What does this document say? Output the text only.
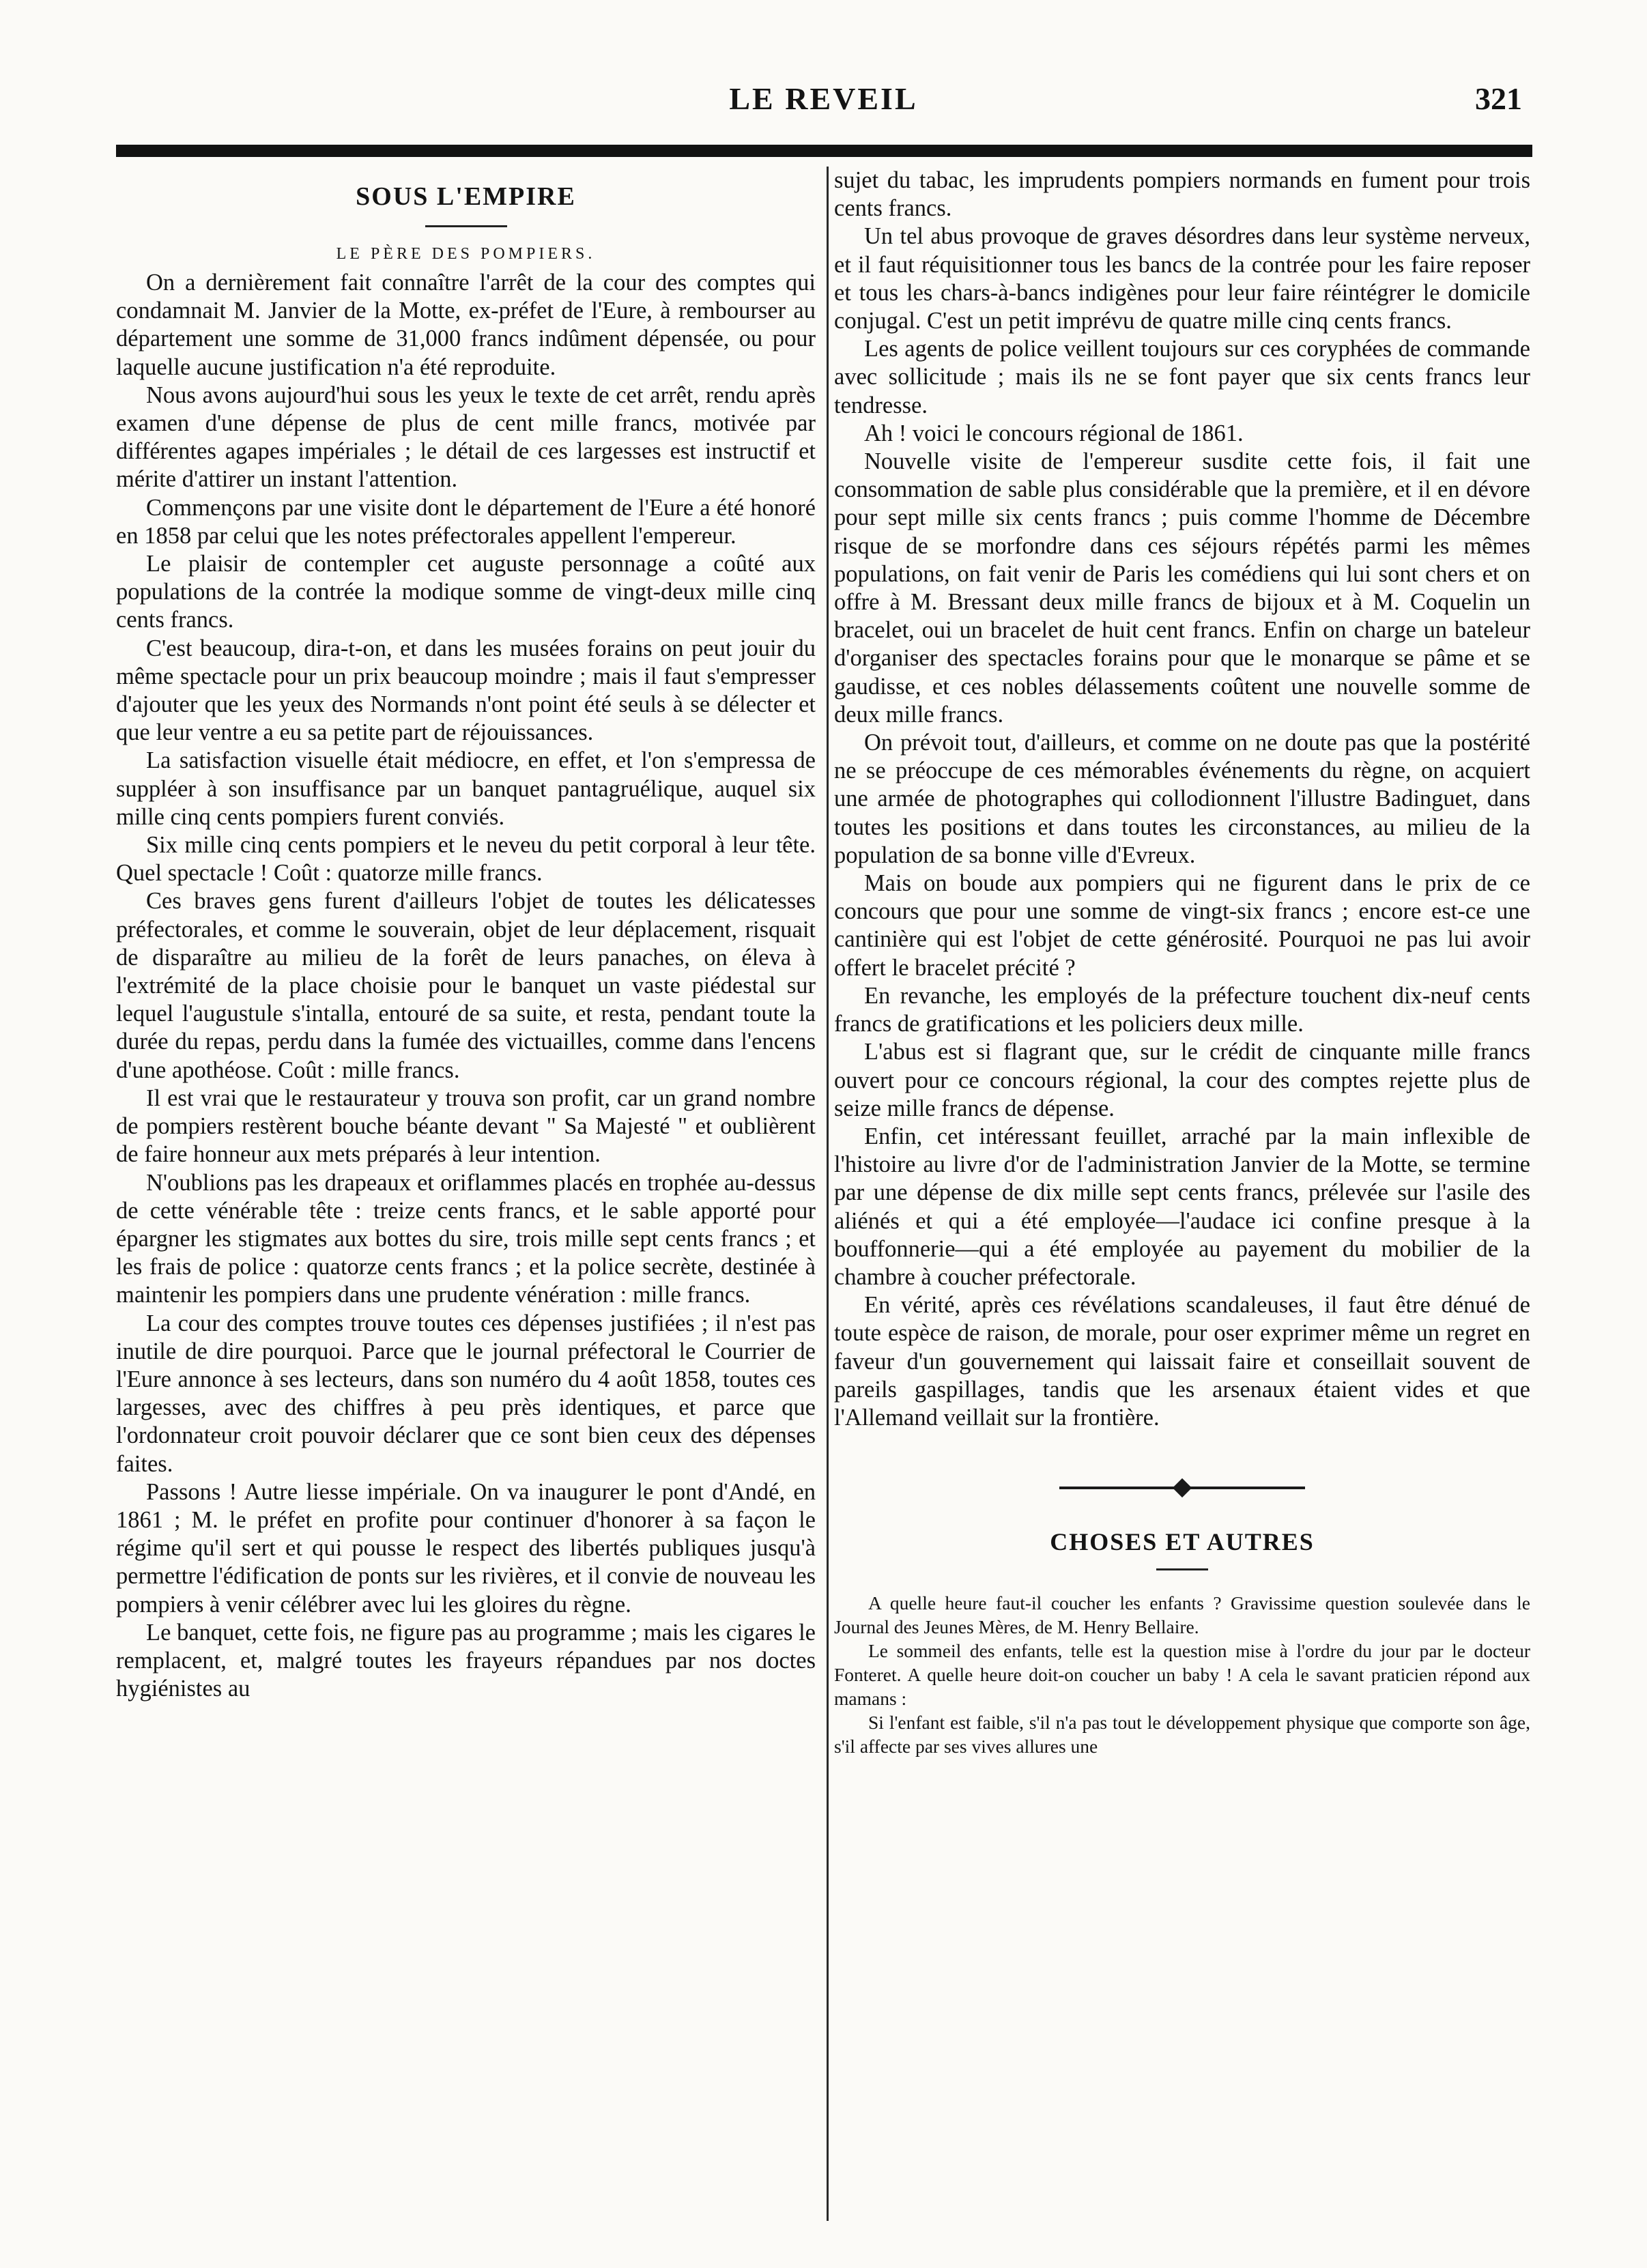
LE REVEIL	321
SOUS L'EMPIRE
LE PÈRE DES POMPIERS.

On a dernièrement fait connaître l'arrêt de la cour des comptes qui condamnait M. Janvier de la Motte, ex-préfet de l'Eure, à rembourser au département une somme de 31,000 francs indûment dépensée, ou pour laquelle aucune justification n'a été reproduite.

Nous avons aujourd'hui sous les yeux le texte de cet arrêt, rendu après examen d'une dépense de plus de cent mille francs, motivée par différentes agapes impériales ; le détail de ces largesses est instructif et mérite d'attirer un instant l'attention.

Commençons par une visite dont le département de l'Eure a été honoré en 1858 par celui que les notes préfectorales appellent l'empereur.

Le plaisir de contempler cet auguste personnage a coûté aux populations de la contrée la modique somme de vingt-deux mille cinq cents francs.

C'est beaucoup, dira-t-on, et dans les musées forains on peut jouir du même spectacle pour un prix beaucoup moindre ; mais il faut s'empresser d'ajouter que les yeux des Normands n'ont point été seuls à se délecter et que leur ventre a eu sa petite part de réjouissances.

La satisfaction visuelle était médiocre, en effet, et l'on s'empressa de suppléer à son insuffisance par un banquet pantagruélique, auquel six mille cinq cents pompiers furent conviés.

Six mille cinq cents pompiers et le neveu du petit corporal à leur tête. Quel spectacle ! Coût : quatorze mille francs.

Ces braves gens furent d'ailleurs l'objet de toutes les délicatesses préfectorales, et comme le souverain, objet de leur déplacement, risquait de disparaître au milieu de la forêt de leurs panaches, on éleva à l'extrémité de la place choisie pour le banquet un vaste piédestal sur lequel l'augustule s'intalla, entouré de sa suite, et resta, pendant toute la durée du repas, perdu dans la fumée des victuailles, comme dans l'encens d'une apothéose. Coût : mille francs.

Il est vrai que le restaurateur y trouva son profit, car un grand nombre de pompiers restèrent bouche béante devant " Sa Majesté " et oublièrent de faire honneur aux mets préparés à leur intention.

N'oublions pas les drapeaux et oriflammes placés en trophée au-dessus de cette vénérable tête : treize cents francs, et le sable apporté pour épargner les stigmates aux bottes du sire, trois mille sept cents francs ; et les frais de police : quatorze cents francs ; et la police secrète, destinée à maintenir les pompiers dans une prudente vénération : mille francs.

La cour des comptes trouve toutes ces dépenses justifiées ; il n'est pas inutile de dire pourquoi. Parce que le journal préfectoral le Courrier de l'Eure annonce à ses lecteurs, dans son numéro du 4 août 1858, toutes ces largesses, avec des chiffres à peu près identiques, et parce que l'ordonnateur croit pouvoir déclarer que ce sont bien ceux des dépenses faites.

Passons ! Autre liesse impériale. On va inaugurer le pont d'Andé, en 1861 ; M. le préfet en profite pour continuer d'honorer à sa façon le régime qu'il sert et qui pousse le respect des libertés publiques jusqu'à permettre l'édification de ponts sur les rivières, et il convie de nouveau les pompiers à venir célébrer avec lui les gloires du règne.

Le banquet, cette fois, ne figure pas au programme ; mais les cigares le remplacent, et, malgré toutes les frayeurs répandues par nos doctes hygiénistes au

sujet du tabac, les imprudents pompiers normands en fument pour trois cents francs.

Un tel abus provoque de graves désordres dans leur système nerveux, et il faut réquisitionner tous les bancs de la contrée pour les faire reposer et tous les chars-à-bancs indigènes pour leur faire réintégrer le domicile conjugal. C'est un petit imprévu de quatre mille cinq cents francs.

Les agents de police veillent toujours sur ces coryphées de commande avec sollicitude ; mais ils ne se font payer que six cents francs leur tendresse.

Ah ! voici le concours régional de 1861.

Nouvelle visite de l'empereur susdite cette fois, il fait une consommation de sable plus considérable que la première, et il en dévore pour sept mille six cents francs ; puis comme l'homme de Décembre risque de se morfondre dans ces séjours répétés parmi les mêmes populations, on fait venir de Paris les comédiens qui lui sont chers et on offre à M. Bressant deux mille francs de bijoux et à M. Coquelin un bracelet, oui un bracelet de huit cent francs. Enfin on charge un bateleur d'organiser des spectacles forains pour que le monarque se pâme et se gaudisse, et ces nobles délassements coûtent une nouvelle somme de deux mille francs.

On prévoit tout, d'ailleurs, et comme on ne doute pas que la postérité ne se préoccupe de ces mémorables événements du règne, on acquiert une armée de photographes qui collodionnent l'illustre Badinguet, dans toutes les positions et dans toutes les circonstances, au milieu de la population de sa bonne ville d'Evreux.

Mais on boude aux pompiers qui ne figurent dans le prix de ce concours que pour une somme de vingt-six francs ; encore est-ce une cantinière qui est l'objet de cette générosité. Pourquoi ne pas lui avoir offert le bracelet précité ?

En revanche, les employés de la préfecture touchent dix-neuf cents francs de gratifications et les policiers deux mille.

L'abus est si flagrant que, sur le crédit de cinquante mille francs ouvert pour ce concours régional, la cour des comptes rejette plus de seize mille francs de dépense.

Enfin, cet intéressant feuillet, arraché par la main inflexible de l'histoire au livre d'or de l'administration Janvier de la Motte, se termine par une dépense de dix mille sept cents francs, prélevée sur l'asile des aliénés et qui a été employée—l'audace ici confine presque à la bouffonnerie—qui a été employée au payement du mobilier de la chambre à coucher préfectorale.

En vérité, après ces révélations scandaleuses, il faut être dénué de toute espèce de raison, de morale, pour oser exprimer même un regret en faveur d'un gouvernement qui laissait faire et conseillait souvent de pareils gaspillages, tandis que les arsenaux étaient vides et que l'Allemand veillait sur la frontière.

CHOSES ET AUTRES

A quelle heure faut-il coucher les enfants ? Gravissime question soulevée dans le Journal des Jeunes Mères, de M. Henry Bellaire.

Le sommeil des enfants, telle est la question mise à l'ordre du jour par le docteur Fonteret. A quelle heure doit-on coucher un baby ! A cela le savant praticien répond aux mamans :

Si l'enfant est faible, s'il n'a pas tout le développement physique que comporte son âge, s'il affecte par ses vives allures une
